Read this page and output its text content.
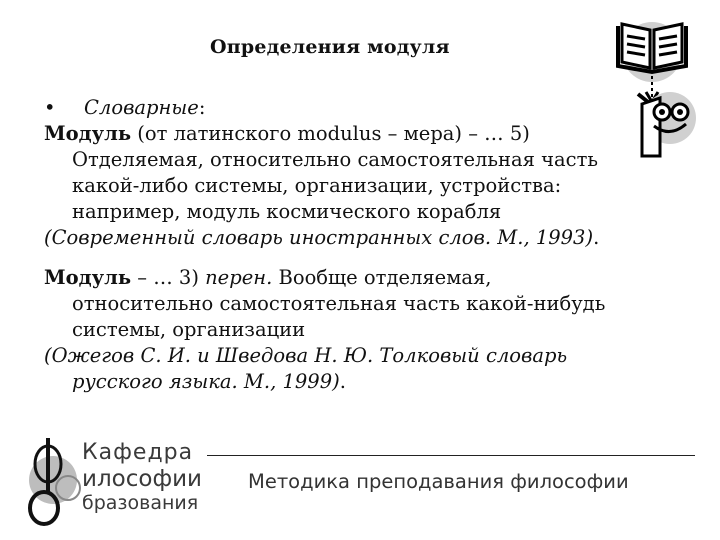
Определения модуля
• Словарные:
Модуль (от латинского modulus – мера) – … 5)
Отделяемая, относительно самостоятельная часть
какой-либо системы, организации, устройства:
например, модуль космического корабля
(Современный словарь иностранных слов. М., 1993).
Модуль – … 3) перен. Вообще отделяемая,
относительно самостоятельная часть какой-нибудь
системы, организации
(Ожегов С. И. и Шведова Н. Ю. Толковый словарь
русского языка. М., 1999).
Кафедра
илософии
бразования
Методика преподавания философии
